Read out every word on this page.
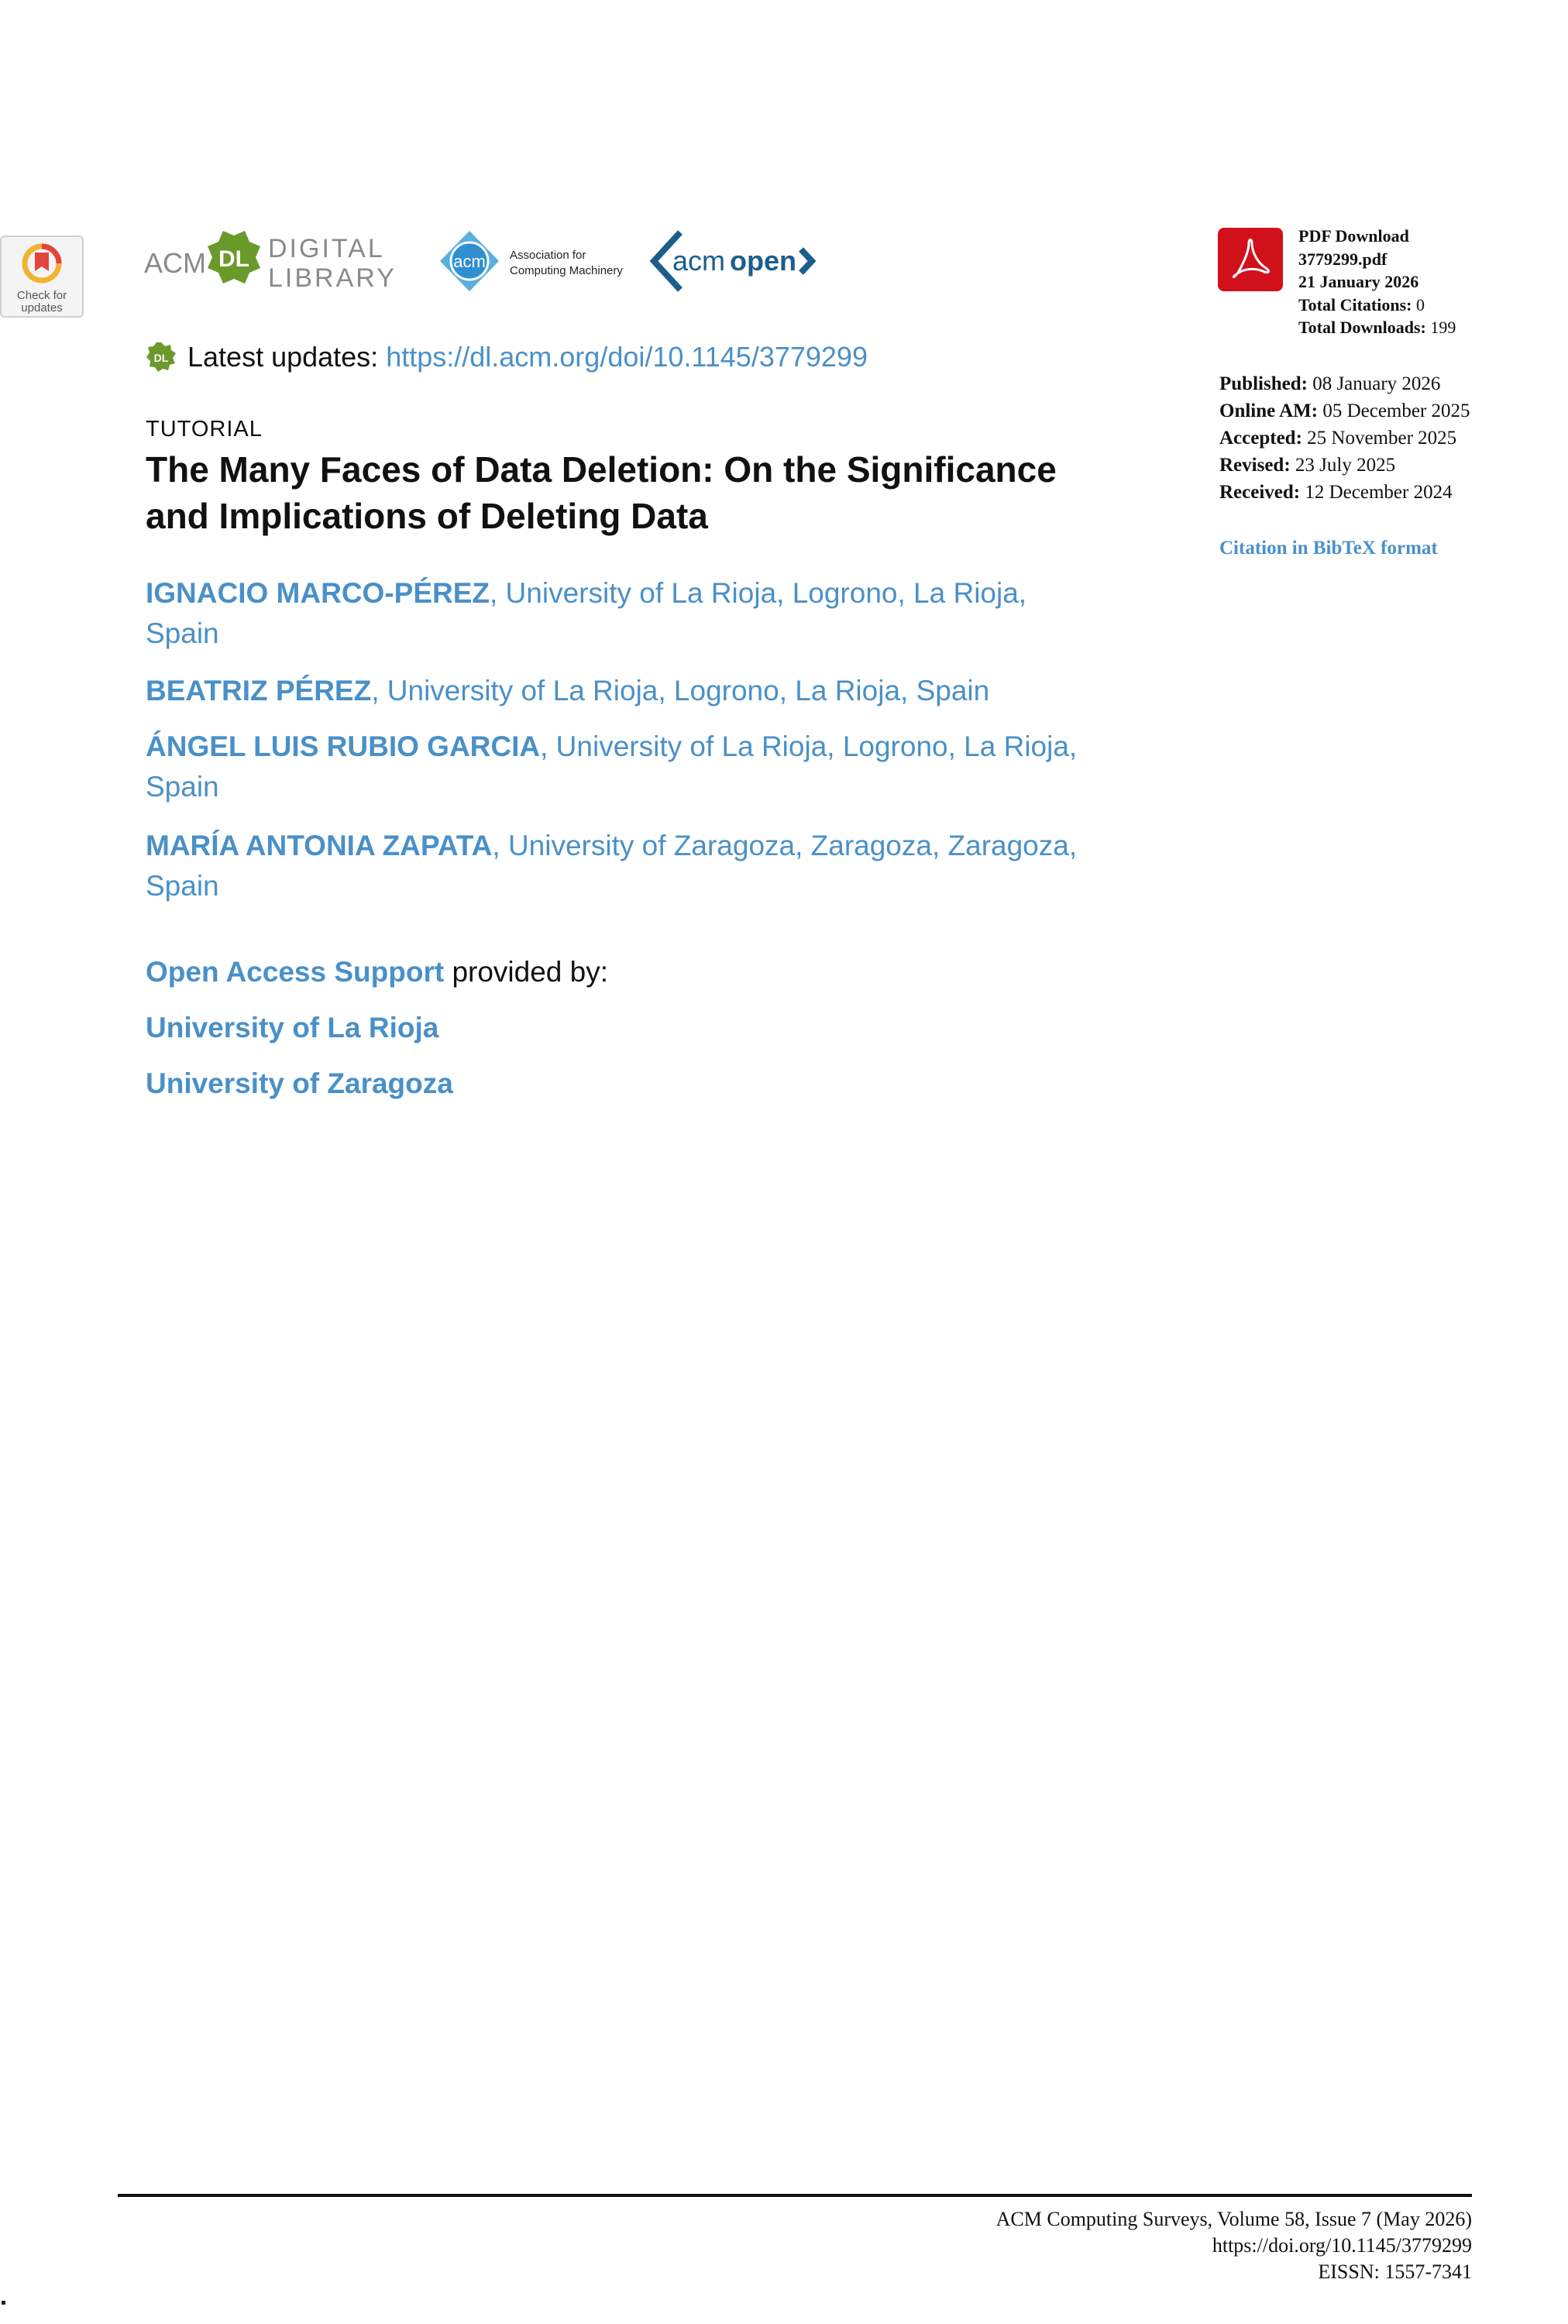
Check for
updates
ACM DL DIGITAL
LIBRARY
acm Association for
Computing Machinery acm open
DL Latest updates: https://dl.acm.org/doi/10.1145/3779299
TUTORIAL
The Many Faces of Data Deletion: On the Significance
and Implications of Deleting Data
IGNACIO MARCO-PÉREZ, University of La Rioja, Logrono, La Rioja,
Spain
BEATRIZ PÉREZ, University of La Rioja, Logrono, La Rioja, Spain
ÁNGEL LUIS RUBIO GARCIA, University of La Rioja, Logrono, La Rioja,
Spain
MARÍA ANTONIA ZAPATA, University of Zaragoza, Zaragoza, Zaragoza,
Spain
Open Access Support provided by:
University of La Rioja
University of Zaragoza
PDF Download
3779299.pdf
21 January 2026
Total Citations: 0
Total Downloads: 199
Published: 08 January 2026
Online AM: 05 December 2025
Accepted: 25 November 2025
Revised: 23 July 2025
Received: 12 December 2024
Citation in BibTeX format
ACM Computing Surveys, Volume 58, Issue 7 (May 2026)
https://doi.org/10.1145/3779299
EISSN: 1557-7341
